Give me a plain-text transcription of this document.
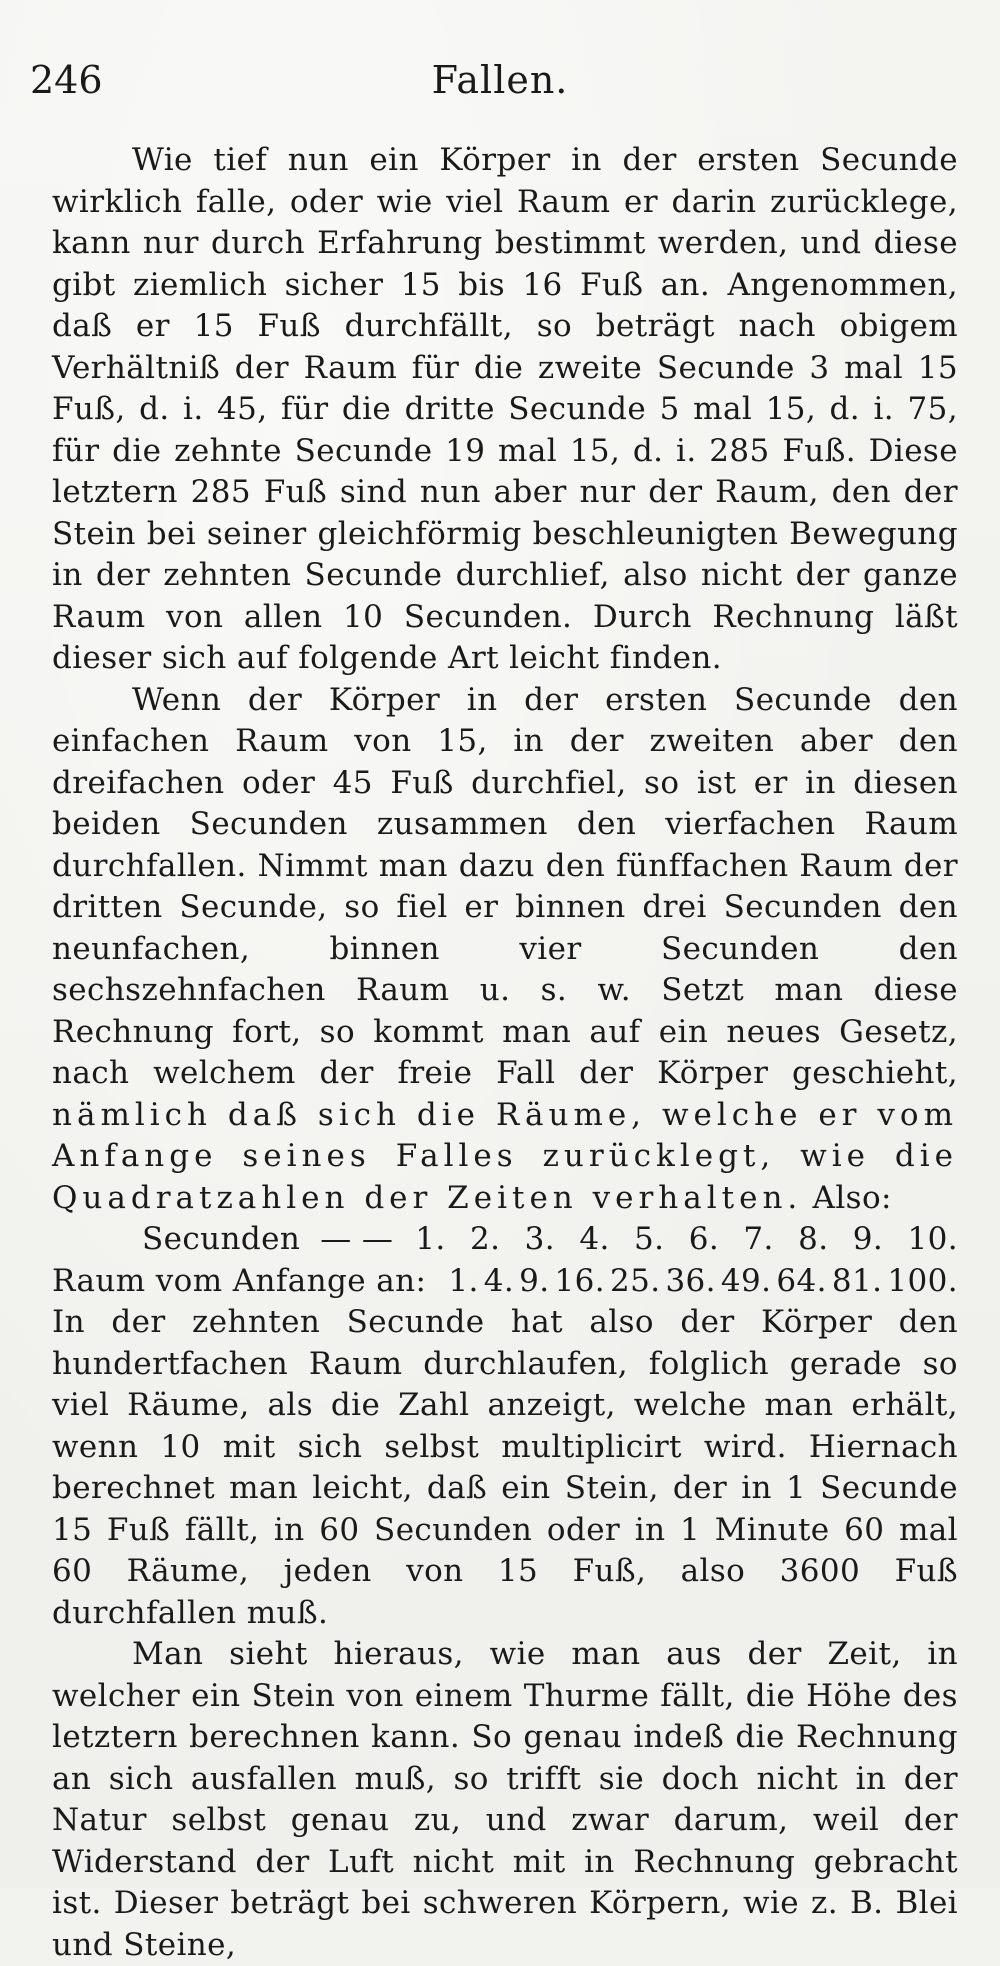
Fallen.
246

Wie tief nun ein Körper in der ersten Secunde wirklich falle, oder wie viel Raum er darin zurücklege, kann nur durch Erfahrung bestimmt werden, und diese gibt ziemlich sicher 15 bis 16 Fuß an. Angenommen, daß er 15 Fuß durchfällt, so beträgt nach obigem Verhältniß der Raum für die zweite Secunde 3 mal 15 Fuß, d. i. 45, für die dritte Secunde 5 mal 15, d. i. 75, für die zehnte Secunde 19 mal 15, d. i. 285 Fuß. Diese letztern 285 Fuß sind nun aber nur der Raum, den der Stein bei seiner gleichförmig beschleunigten Bewegung in der zehnten Secunde durchlief, also nicht der ganze Raum von allen 10 Secunden. Durch Rechnung läßt dieser sich auf folgende Art leicht finden.

Wenn der Körper in der ersten Secunde den einfachen Raum von 15, in der zweiten aber den dreifachen oder 45 Fuß durchfiel, so ist er in diesen beiden Secunden zusammen den vierfachen Raum durchfallen. Nimmt man dazu den fünffachen Raum der dritten Secunde, so fiel er binnen drei Secunden den neunfachen, binnen vier Secunden den sechszehnfachen Raum u. s. w. Setzt man diese Rechnung fort, so kommt man auf ein neues Gesetz, nach welchem der freie Fall der Körper geschieht, nämlich daß sich die Räume, welche er vom Anfange seines Falles zurücklegt, wie die Quadratzahlen der Zeiten verhalten. Also:

Secunden — — 1. 2. 3. 4. 5. 6. 7. 8. 9. 10.
Raum vom Anfange an: 1. 4. 9. 16. 25. 36. 49. 64. 81. 100.

In der zehnten Secunde hat also der Körper den hundertfachen Raum durchlaufen, folglich gerade so viel Räume, als die Zahl anzeigt, welche man erhält, wenn 10 mit sich selbst multiplicirt wird. Hiernach berechnet man leicht, daß ein Stein, der in 1 Secunde 15 Fuß fällt, in 60 Secunden oder in 1 Minute 60 mal 60 Räume, jeden von 15 Fuß, also 3600 Fuß durchfallen muß.

Man sieht hieraus, wie man aus der Zeit, in welcher ein Stein von einem Thurme fällt, die Höhe des letztern berechnen kann. So genau indeß die Rechnung an sich ausfallen muß, so trifft sie doch nicht in der Natur selbst genau zu, und zwar darum, weil der Widerstand der Luft nicht mit in Rechnung gebracht ist. Dieser beträgt bei schweren Körpern, wie z. B. Blei und Steine,
